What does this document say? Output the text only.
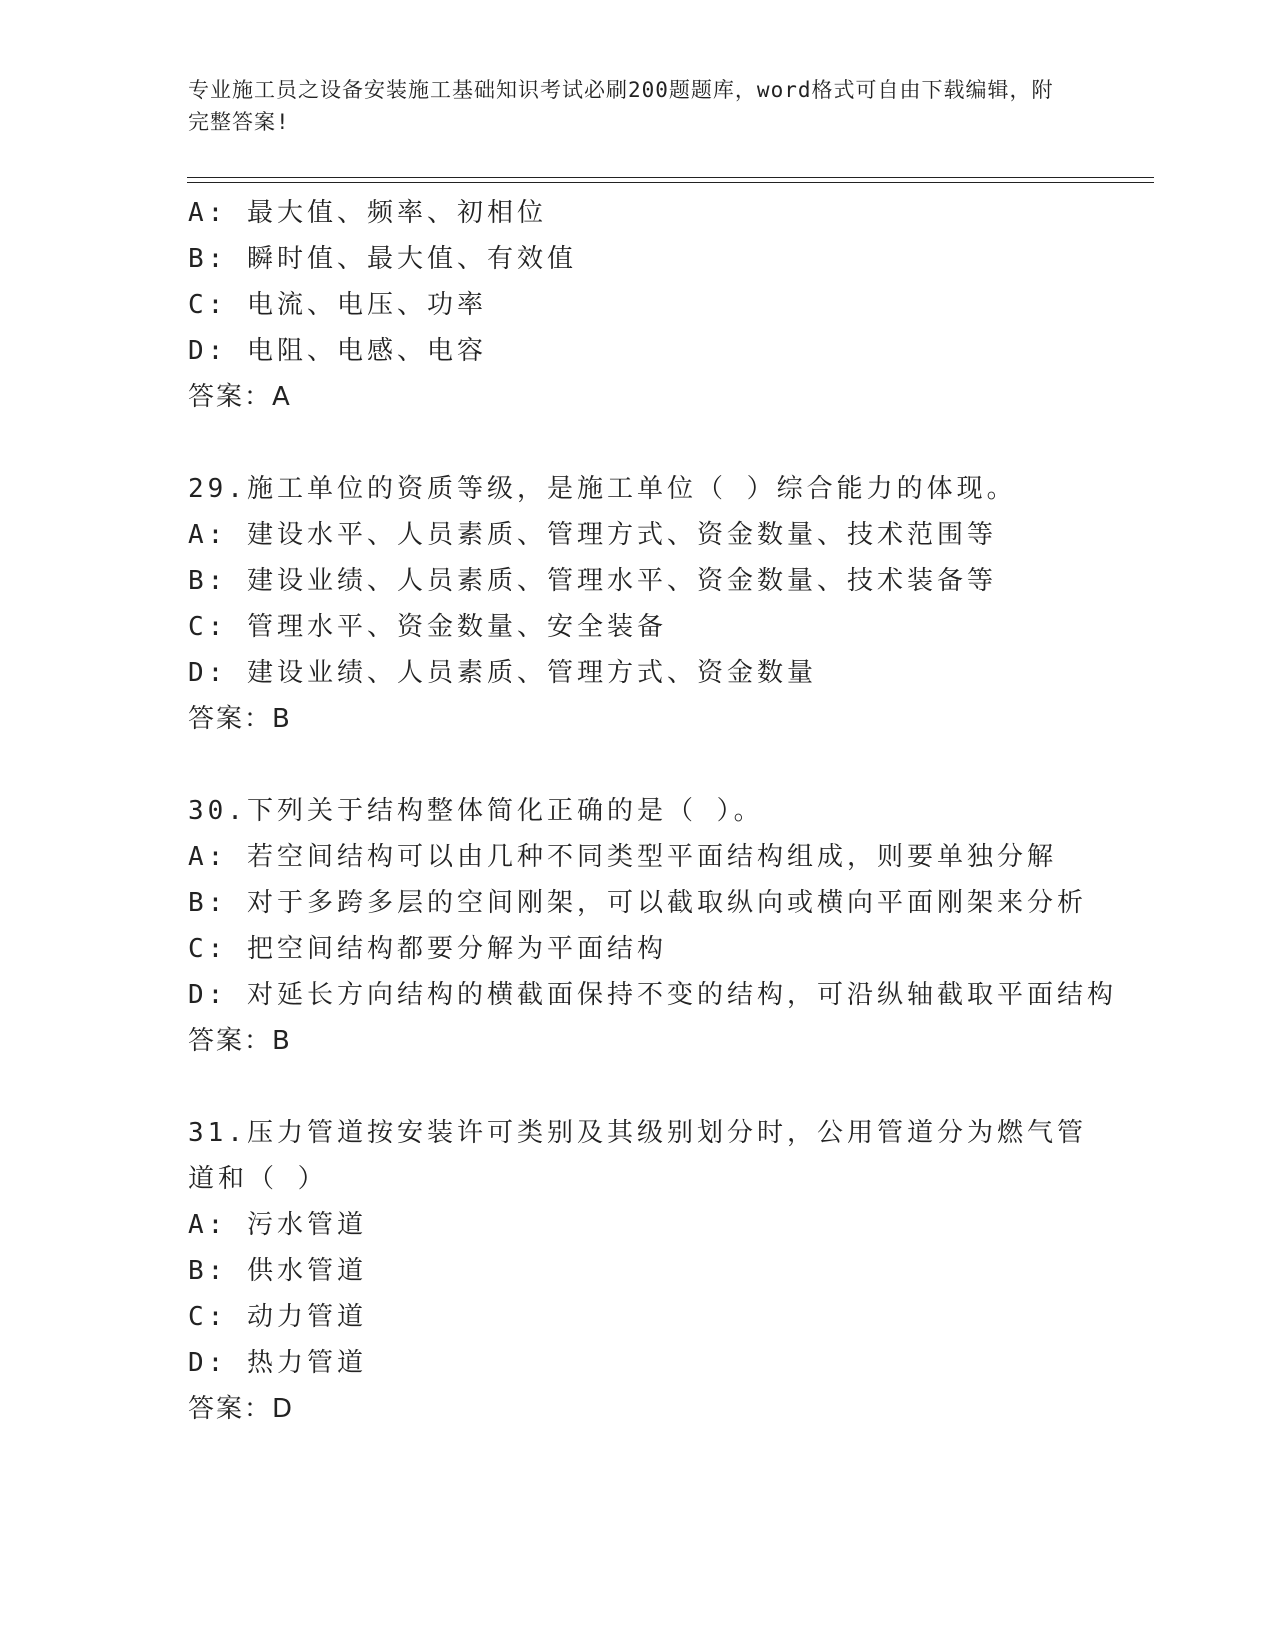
专业施工员之设备安装施工基础知识考试必刷200题题库，word格式可自由下载编辑，附完整答案!
A: 最大值、频率、初相位
B: 瞬时值、最大值、有效值
C: 电流、电压、功率
D: 电阻、电感、电容
答案：A
29.施工单位的资质等级，是施工单位（ ）综合能力的体现。
A: 建设水平、人员素质、管理方式、资金数量、技术范围等
B: 建设业绩、人员素质、管理水平、资金数量、技术装备等
C: 管理水平、资金数量、安全装备
D: 建设业绩、人员素质、管理方式、资金数量
答案：B
30.下列关于结构整体简化正确的是（ ）。
A: 若空间结构可以由几种不同类型平面结构组成，则要单独分解
B: 对于多跨多层的空间刚架，可以截取纵向或横向平面刚架来分析
C: 把空间结构都要分解为平面结构
D: 对延长方向结构的横截面保持不变的结构，可沿纵轴截取平面结构
答案：B
31.压力管道按安装许可类别及其级别划分时，公用管道分为燃气管道和（ ）
A: 污水管道
B: 供水管道
C: 动力管道
D: 热力管道
答案：D
